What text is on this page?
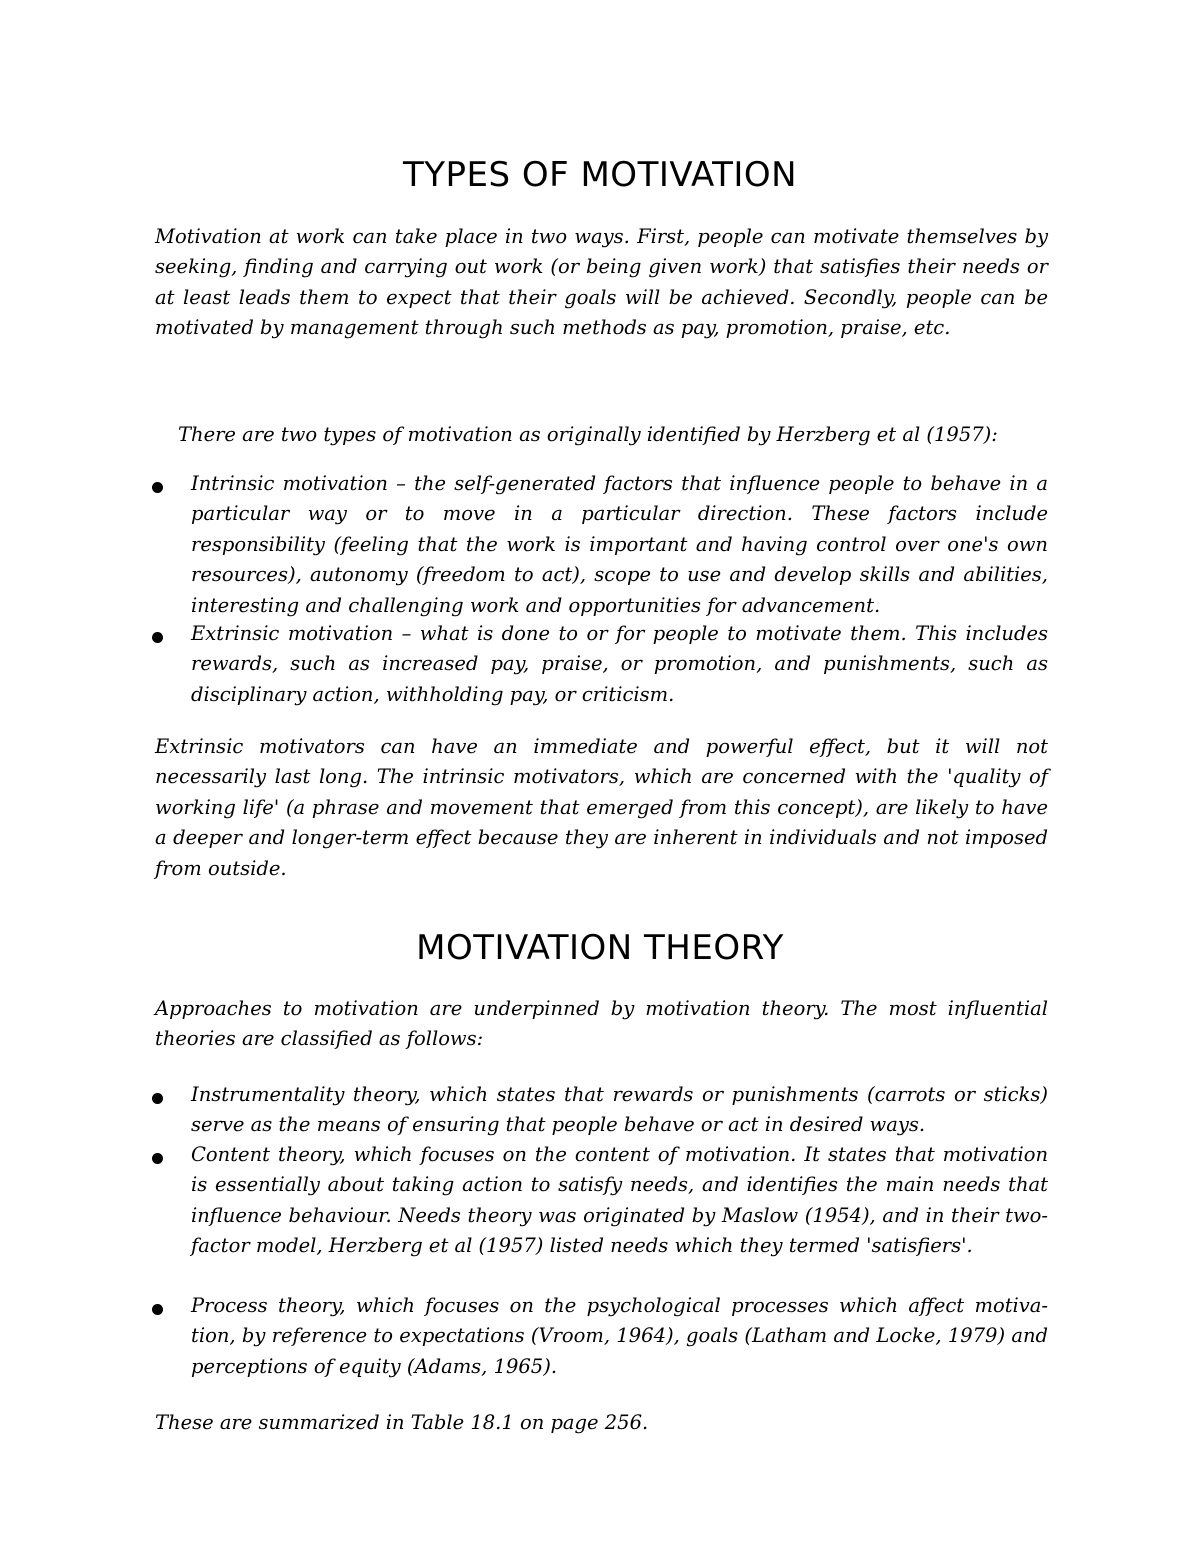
TYPES OF MOTIVATION

Motivation at work can take place in two ways. First, people can motivate themselves by seeking, finding and carrying out work (or being given work) that satisfies their needs or at least leads them to expect that their goals will be achieved. Secondly, people can be motivated by management through such methods as pay, promotion, praise, etc.

There are two types of motivation as originally identified by Herzberg et al (1957):

Intrinsic motivation – the self-generated factors that influence people to behave in a particular way or to move in a particular direction. These factors include responsibility (feeling that the work is important and having control over one's own resources), autonomy (freedom to act), scope to use and develop skills and abilities, interesting and challenging work and opportunities for advancement.

Extrinsic motivation – what is done to or for people to motivate them. This includes rewards, such as increased pay, praise, or promotion, and punishments, such as disciplinary action, withholding pay, or criticism.

Extrinsic motivators can have an immediate and powerful effect, but it will not necessarily last long. The intrinsic motivators, which are concerned with the 'quality of working life' (a phrase and movement that emerged from this concept), are likely to have a deeper and longer-term effect because they are inherent in individuals and not imposed from outside.

MOTIVATION THEORY

Approaches to motivation are underpinned by motivation theory. The most influential theories are classified as follows:

Instrumentality theory, which states that rewards or punishments (carrots or sticks) serve as the means of ensuring that people behave or act in desired ways.

Content theory, which focuses on the content of motivation. It states that motivation is essentially about taking action to satisfy needs, and identifies the main needs that influence behaviour. Needs theory was originated by Maslow (1954), and in their two-factor model, Herzberg et al (1957) listed needs which they termed 'satisfiers'.

Process theory, which focuses on the psychological processes which affect motiva- tion, by reference to expectations (Vroom, 1964), goals (Latham and Locke, 1979) and perceptions of equity (Adams, 1965).

These are summarized in Table 18.1 on page 256.
